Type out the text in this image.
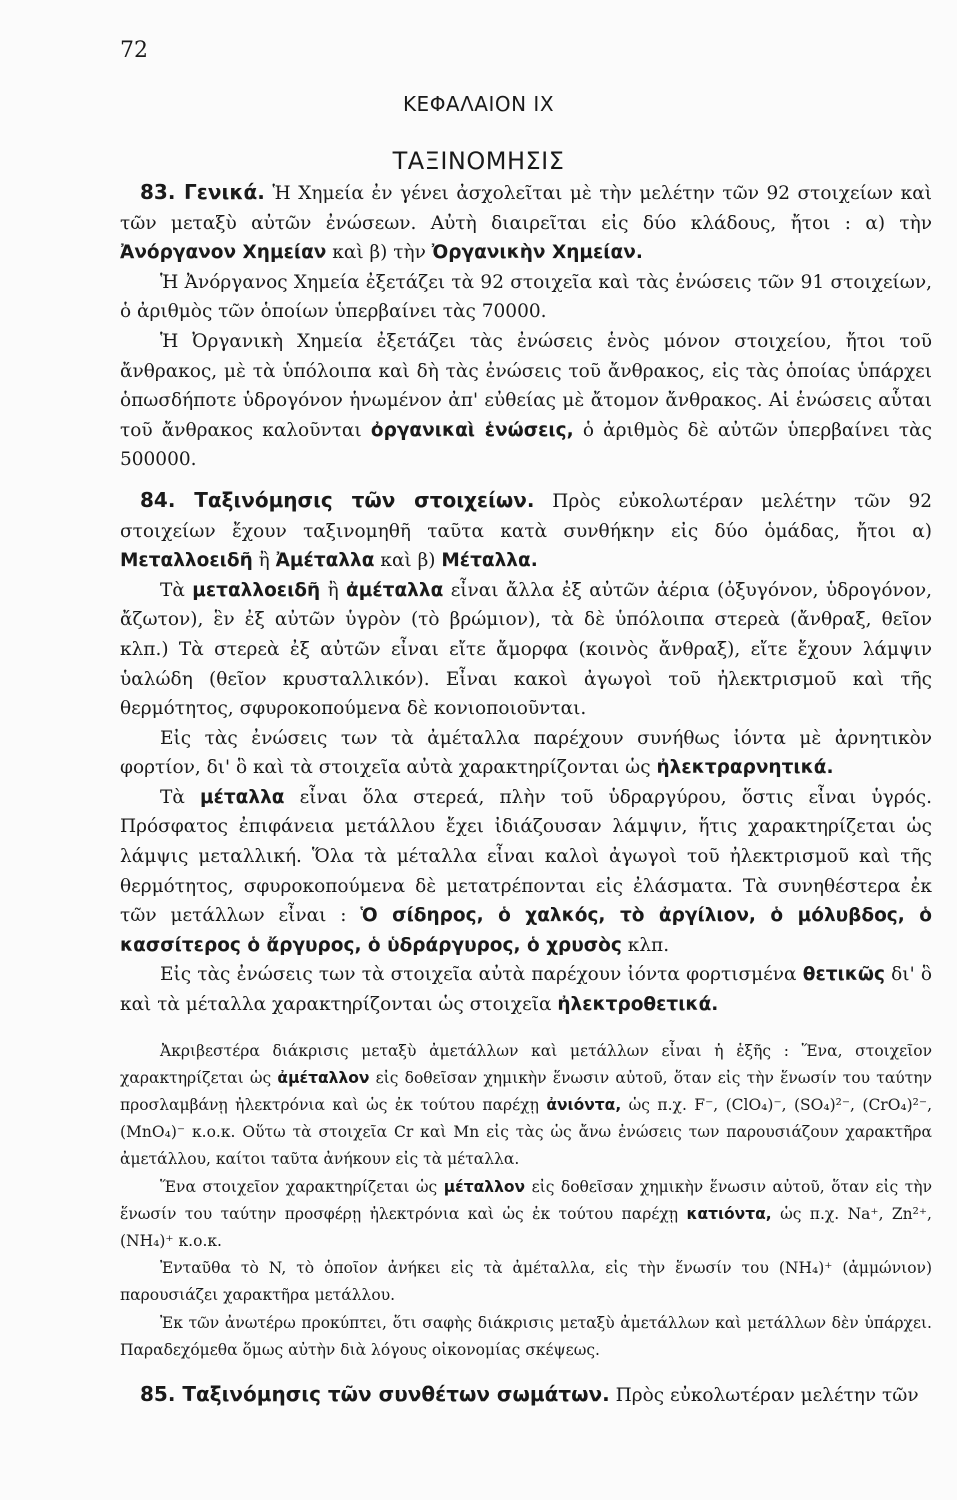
72
ΚΕΦΑΛΑΙΟΝ ΙΧ
ΤΑΞΙΝΟΜΗΣΙΣ

83. Γενικά. Ἡ Χημεία ἐν γένει ἀσχολεῖται μὲ τὴν μελέτην τῶν 92 στοιχείων καὶ τῶν μεταξὺ αὐτῶν ἐνώσεων. Αὐτὴ διαιρεῖται εἰς δύο κλάδους, ἤτοι : α) τὴν Ἀνόργανον Χημείαν καὶ β) τὴν Ὀργανικὴν Χημείαν.

Ἡ Ἀνόργανος Χημεία ἐξετάζει τὰ 92 στοιχεῖα καὶ τὰς ἐνώσεις τῶν 91 στοιχείων, ὁ ἀριθμὸς τῶν ὁποίων ὑπερβαίνει τὰς 70000.

Ἡ Ὀργανικὴ Χημεία ἐξετάζει τὰς ἐνώσεις ἑνὸς μόνον στοιχείου, ἤτοι τοῦ ἄνθρακος, μὲ τὰ ὑπόλοιπα καὶ δὴ τὰς ἐνώσεις τοῦ ἄνθρακος, εἰς τὰς ὁποίας ὑπάρχει ὁπωσδήποτε ὑδρογόνον ἡνωμένον ἀπ' εὐθείας μὲ ἄτομον ἄνθρακος. Αἱ ἑνώσεις αὗται τοῦ ἄνθρακος καλοῦνται ὀργανικαὶ ἑνώσεις, ὁ ἀριθμὸς δὲ αὐτῶν ὑπερβαίνει τὰς 500000.

84. Ταξινόμησις τῶν στοιχείων. Πρὸς εὐκολωτέραν μελέτην τῶν 92 στοιχείων ἔχουν ταξινομηθῆ ταῦτα κατὰ συνθήκην εἰς δύο ὁμάδας, ἤτοι α) Μεταλλοειδῆ ἢ Ἀμέταλλα καὶ β) Μέταλλα.

Τὰ μεταλλοειδῆ ἢ ἀμέταλλα εἶναι ἄλλα ἐξ αὐτῶν ἀέρια (ὀξυγόνον, ὑδρογόνον, ἄζωτον), ἓν ἐξ αὐτῶν ὑγρὸν (τὸ βρώμιον), τὰ δὲ ὑπόλοιπα στερεὰ (ἄνθραξ, θεῖον κλπ.) Τὰ στερεὰ ἐξ αὐτῶν εἶναι εἴτε ἄμορφα (κοινὸς ἄνθραξ), εἴτε ἔχουν λάμψιν ὑαλώδη (θεῖον κρυσταλλικόν). Εἶναι κακοὶ ἀγωγοὶ τοῦ ἠλεκτρισμοῦ καὶ τῆς θερμότητος, σφυροκοπούμενα δὲ κονιοποιοῦνται.

Εἰς τὰς ἐνώσεις των τὰ ἀμέταλλα παρέχουν συνήθως ἰόντα μὲ ἀρνητικὸν φορτίον, δι' ὃ καὶ τὰ στοιχεῖα αὐτὰ χαρακτηρίζονται ὡς ἠλεκτραρνητικά.

Τὰ μέταλλα εἶναι ὅλα στερεά, πλὴν τοῦ ὑδραργύρου, ὅστις εἶναι ὑγρός. Πρόσφατος ἐπιφάνεια μετάλλου ἔχει ἰδιάζουσαν λάμψιν, ἥτις χαρακτηρίζεται ὡς λάμψις μεταλλική. Ὅλα τὰ μέταλλα εἶναι καλοὶ ἀγωγοὶ τοῦ ἠλεκτρισμοῦ καὶ τῆς θερμότητος, σφυροκοπούμενα δὲ μετατρέπονται εἰς ἐλάσματα. Τὰ συνηθέστερα ἐκ τῶν μετάλλων εἶναι : Ὁ σίδηρος, ὁ χαλκός, τὸ ἀργίλιον, ὁ μόλυβδος, ὁ κασσίτερος ὁ ἄργυρος, ὁ ὑδράργυρος, ὁ χρυσὸς κλπ.

Εἰς τὰς ἐνώσεις των τὰ στοιχεῖα αὐτὰ παρέχουν ἰόντα φορτισμένα θετικῶς δι' ὃ καὶ τὰ μέταλλα χαρακτηρίζονται ὡς στοιχεῖα ἠλεκτροθετικά.

Ἀκριβεστέρα διάκρισις μεταξὺ ἀμετάλλων καὶ μετάλλων εἶναι ἡ ἑξῆς : Ἕνα, στοιχεῖον χαρακτηρίζεται ὡς ἀμέταλλον εἰς δοθεῖσαν χημικὴν ἕνωσιν αὐτοῦ, ὅταν εἰς τὴν ἕνωσίν του ταύτην προσλαμβάνῃ ἠλεκτρόνια καὶ ὡς ἐκ τούτου παρέχῃ ἀνιόντα, ὡς π.χ. F⁻, (ClO₄)⁻, (SO₄)²⁻, (CrO₄)²⁻, (MnO₄)⁻ κ.ο.κ. Οὕτω τὰ στοιχεῖα Cr καὶ Mn εἰς τὰς ὡς ἄνω ἐνώσεις των παρουσιάζουν χαρακτῆρα ἀμετάλλου, καίτοι ταῦτα ἀνήκουν εἰς τὰ μέταλλα.

Ἕνα στοιχεῖον χαρακτηρίζεται ὡς μέταλλον εἰς δοθεῖσαν χημικὴν ἕνωσιν αὐτοῦ, ὅταν εἰς τὴν ἕνωσίν του ταύτην προσφέρῃ ἠλεκτρόνια καὶ ὡς ἐκ τούτου παρέχῃ κατιόντα, ὡς π.χ. Na⁺, Zn²⁺, (NH₄)⁺ κ.ο.κ.

Ἐνταῦθα τὸ N, τὸ ὁποῖον ἀνήκει εἰς τὰ ἀμέταλλα, εἰς τὴν ἕνωσίν του (NH₄)⁺ (ἀμμώνιον) παρουσιάζει χαρακτῆρα μετάλλου.

Ἐκ τῶν ἀνωτέρω προκύπτει, ὅτι σαφὴς διάκρισις μεταξὺ ἀμετάλλων καὶ μετάλλων δὲν ὑπάρχει. Παραδεχόμεθα ὅμως αὐτὴν διὰ λόγους οἰκονομίας σκέψεως.

85. Ταξινόμησις τῶν συνθέτων σωμάτων. Πρὸς εὐκολωτέραν μελέτην τῶν
